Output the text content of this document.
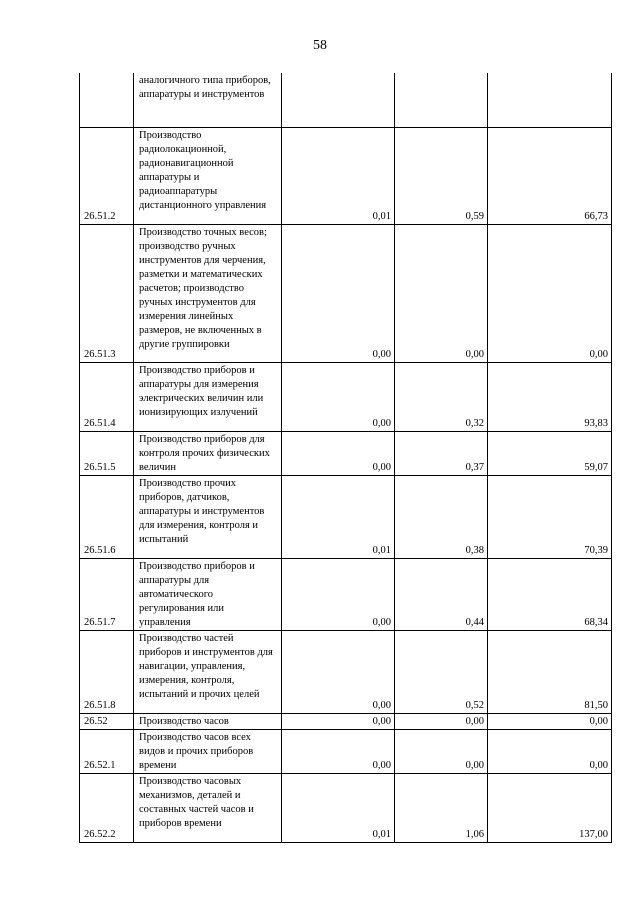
58
	аналогичного типа приборов, аппаратуры и инструментов			
26.51.2	Производство радиолокационной, радионавигационной аппаратуры и радиоаппаратуры дистанционного управления	0,01	0,59	66,73
26.51.3	Производство точных весов; производство ручных инструментов для черчения, разметки и математических расчетов; производство ручных инструментов для измерения линейных размеров, не включенных в другие группировки	0,00	0,00	0,00
26.51.4	Производство приборов и аппаратуры для измерения электрических величин или ионизирующих излучений	0,00	0,32	93,83
26.51.5	Производство приборов для контроля прочих физических величин	0,00	0,37	59,07
26.51.6	Производство прочих приборов, датчиков, аппаратуры и инструментов для измерения, контроля и испытаний	0,01	0,38	70,39
26.51.7	Производство приборов и аппаратуры для автоматического регулирования или управления	0,00	0,44	68,34
26.51.8	Производство частей приборов и инструментов для навигации, управления, измерения, контроля, испытаний и прочих целей	0,00	0,52	81,50
26.52	Производство часов	0,00	0,00	0,00
26.52.1	Производство часов всех видов и прочих приборов времени	0,00	0,00	0,00
26.52.2	Производство часовых механизмов, деталей и составных частей часов и приборов времени	0,01	1,06	137,00
